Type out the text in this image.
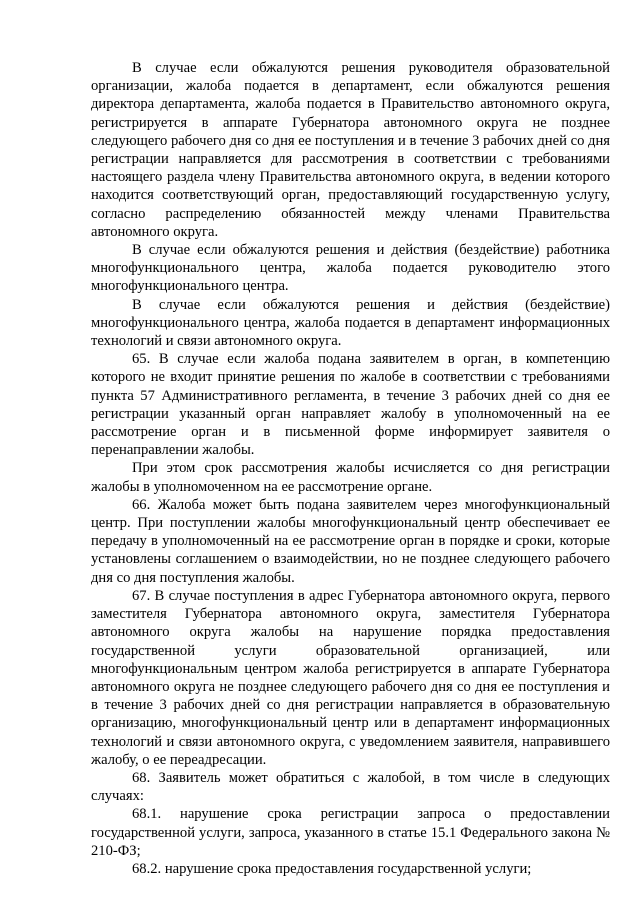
В случае если обжалуются решения руководителя образовательной организации, жалоба подается в департамент, если обжалуются решения директора департамента, жалоба подается в Правительство автономного округа, регистрируется в аппарате Губернатора автономного округа не позднее следующего рабочего дня со дня ее поступления и в течение 3 рабочих дней со дня регистрации направляется для рассмотрения в соответствии с требованиями настоящего раздела члену Правительства автономного округа, в ведении которого находится соответствующий орган, предоставляющий государственную услугу, согласно распределению обязанностей между членами Правительства автономного округа.

В случае если обжалуются решения и действия (бездействие) работника многофункционального центра, жалоба подается руководителю этого многофункционального центра.

В случае если обжалуются решения и действия (бездействие) многофункционального центра, жалоба подается в департамент информационных технологий и связи автономного округа.

65. В случае если жалоба подана заявителем в орган, в компетенцию которого не входит принятие решения по жалобе в соответствии с требованиями пункта 57 Административного регламента, в течение 3 рабочих дней со дня ее регистрации указанный орган направляет жалобу в уполномоченный на ее рассмотрение орган и в письменной форме информирует заявителя о перенаправлении жалобы.

При этом срок рассмотрения жалобы исчисляется со дня регистрации жалобы в уполномоченном на ее рассмотрение органе.

66. Жалоба может быть подана заявителем через многофункциональный центр. При поступлении жалобы многофункциональный центр обеспечивает ее передачу в уполномоченный на ее рассмотрение орган в порядке и сроки, которые установлены соглашением о взаимодействии, но не позднее следующего рабочего дня со дня поступления жалобы.

67. В случае поступления в адрес Губернатора автономного округа, первого заместителя Губернатора автономного округа, заместителя Губернатора автономного округа жалобы на нарушение порядка предоставления государственной услуги образовательной организацией, или многофункциональным центром жалоба регистрируется в аппарате Губернатора автономного округа не позднее следующего рабочего дня со дня ее поступления и в течение 3 рабочих дней со дня регистрации направляется в образовательную организацию, многофункциональный центр или в департамент информационных технологий и связи автономного округа, с уведомлением заявителя, направившего жалобу, о ее переадресации.

68. Заявитель может обратиться с жалобой, в том числе в следующих случаях:

68.1. нарушение срока регистрации запроса о предоставлении государственной услуги, запроса, указанного в статье 15.1 Федерального закона № 210-ФЗ;

68.2. нарушение срока предоставления государственной услуги;
